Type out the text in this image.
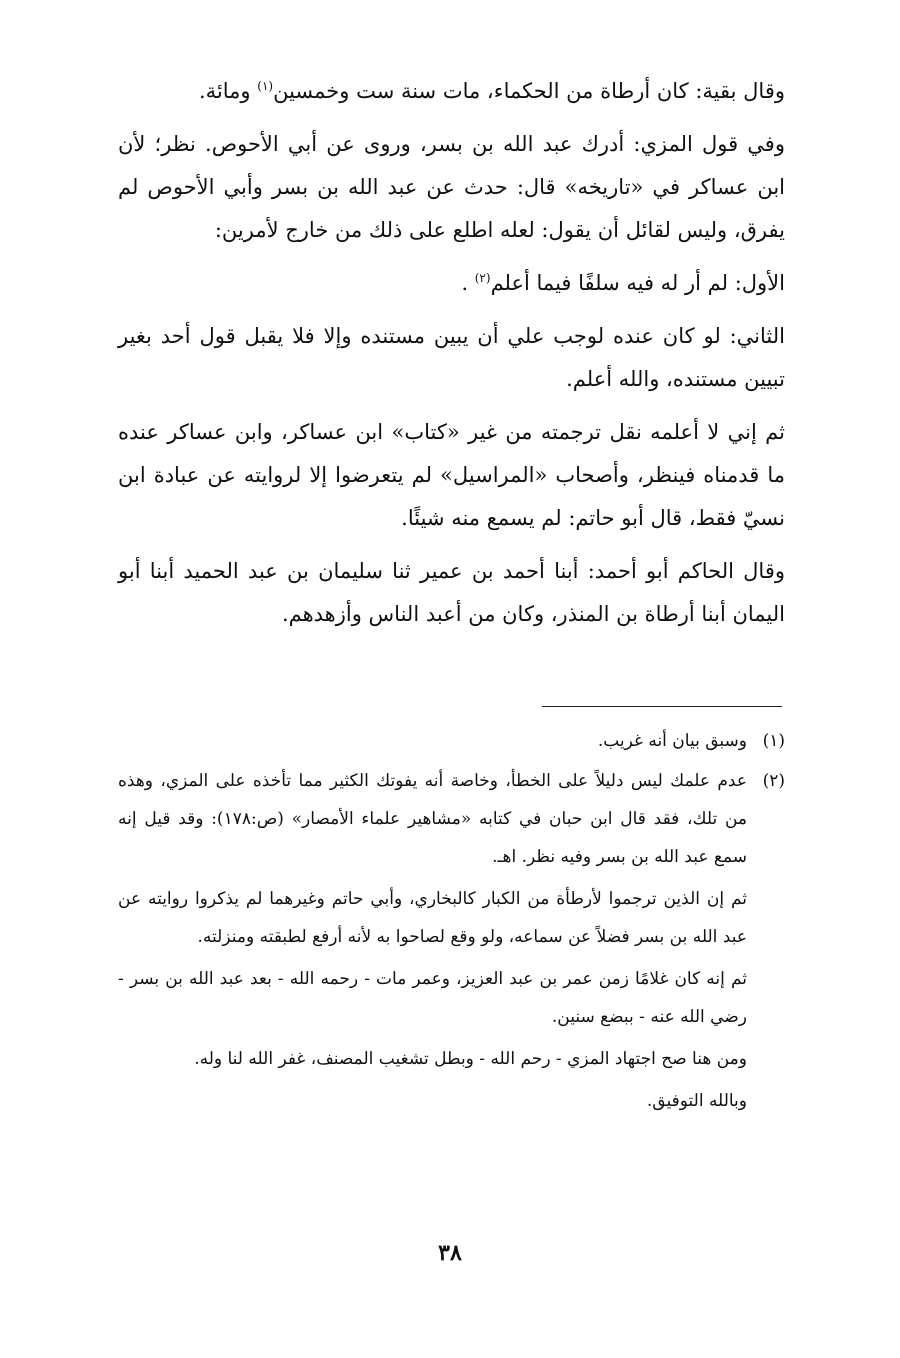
وقال بقية: كان أرطاة من الحكماء، مات سنة ست وخمسين$^{(١)}$ ومائة.

وفي قول المزي: أدرك عبد الله بن بسر، وروى عن أبي الأحوص. نظر؛ لأن ابن عساكر في «تاريخه» قال: حدث عن عبد الله بن بسر وأبي الأحوص لم يفرق، وليس لقائل أن يقول: لعله اطلع على ذلك من خارج لأمرين:

الأول: لم أر له فيه سلفًا فيما أعلم$^{(٢)}$ .

الثاني: لو كان عنده لوجب علي أن يبين مستنده وإلا فلا يقبل قول أحد بغير تبيين مستنده، والله أعلم.

ثم إني لا أعلمه نقل ترجمته من غير «كتاب» ابن عساكر، وابن عساكر عنده ما قدمناه فينظر، وأصحاب «المراسيل» لم يتعرضوا إلا لروايته عن عبادة ابن نسيّ فقط، قال أبو حاتم: لم يسمع منه شيئًا.

وقال الحاكم أبو أحمد: أبنا أحمد بن عمير ثنا سليمان بن عبد الحميد أبنا أبو اليمان أبنا أرطاة بن المنذر، وكان من أعبد الناس وأزهدهم.

(١)

وسبق بيان أنه غريب.

(٢)

عدم علمك ليس دليلاً على الخطأ، وخاصة أنه يفوتك الكثير مما تأخذه على المزي، وهذه من تلك، فقد قال ابن حبان في كتابه «مشاهير علماء الأمصار» (ص:١٧٨): وقد قيل إنه سمع عبد الله بن بسر وفيه نظر. اهـ.

ثم إن الذين ترجموا لأرطأة من الكبار كالبخاري، وأبي حاتم وغيرهما لم يذكروا روايته عن عبد الله بن بسر فضلاً عن سماعه، ولو وقع لصاحوا به لأنه أرفع لطبقته ومنزلته.

ثم إنه كان غلامًا زمن عمر بن عبد العزيز، وعمر مات - رحمه الله - بعد عبد الله بن بسر - رضي الله عنه - ببضع سنين.

ومن هنا صح اجتهاد المزي - رحم الله - وبطل تشغيب المصنف، غفر الله لنا وله.

وبالله التوفيق.

٣٨
